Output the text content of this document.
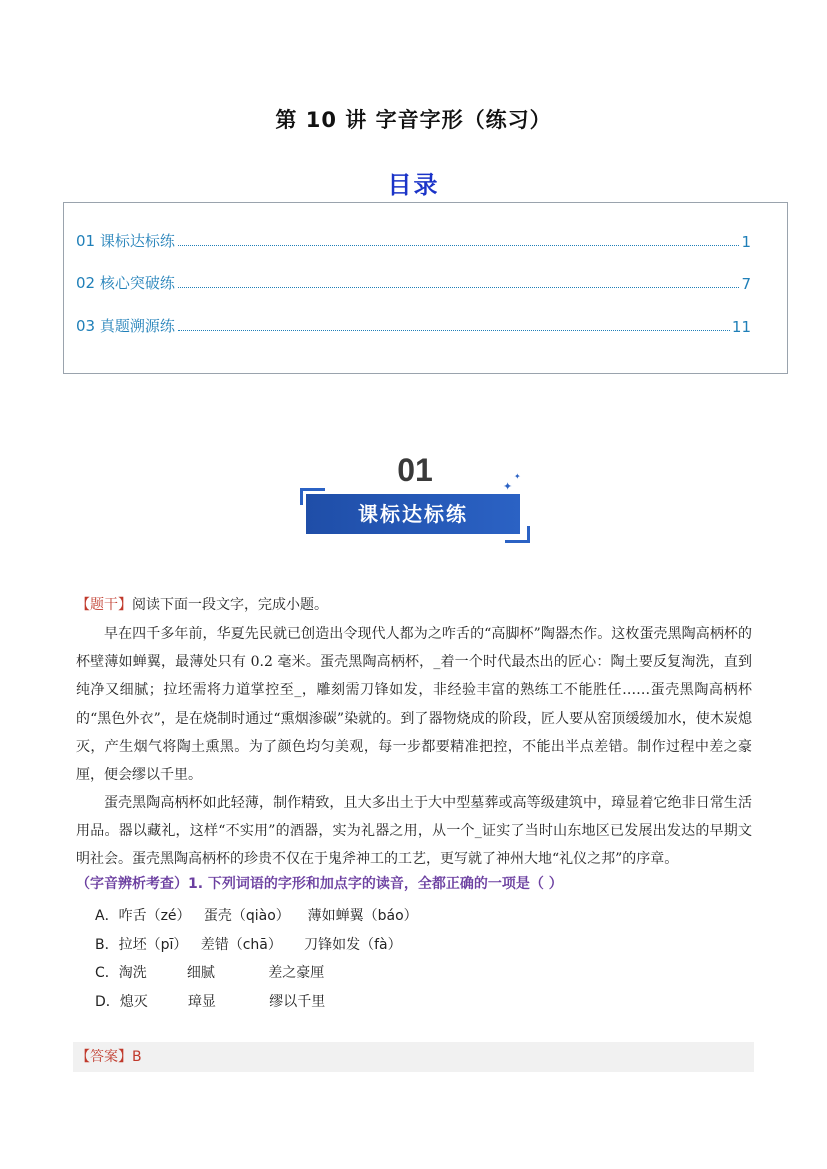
第 10 讲 字音字形（练习）
目录
01 课标达标练	1
02 核心突破练	7
03 真题溯源练	11
01
课标达标练
✦
✦
【题干】阅读下面一段文字，完成小题。

早在四千多年前，华夏先民就已创造出令现代人都为之咋舌的“高脚杯”陶器杰作。这枚蛋壳黑陶高柄杯的杯壁薄如蝉翼，最薄处只有 0.2 毫米。蛋壳黑陶高柄杯，_着一个时代最杰出的匠心：陶土要反复淘洗，直到纯净又细腻；拉坯需将力道掌控至_，雕刻需刀锋如发，非经验丰富的熟练工不能胜任……蛋壳黑陶高柄杯的“黑色外衣”，是在烧制时通过“熏烟渗碳”染就的。到了器物烧成的阶段，匠人要从窑顶缓缓加水，使木炭熄灭，产生烟气将陶土熏黑。为了颜色均匀美观，每一步都要精准把控，不能出半点差错。制作过程中差之豪厘，便会缪以千里。

蛋壳黑陶高柄杯如此轻薄，制作精致，且大多出土于大中型墓葬或高等级建筑中，璋显着它绝非日常生活用品。器以藏礼，这样“不实用”的酒器，实为礼器之用，从一个_证实了当时山东地区已发展出发达的早期文明社会。蛋壳黑陶高柄杯的珍贵不仅在于鬼斧神工的工艺，更写就了神州大地“礼仪之邦”的序章。

（字音辨析考查）1. 下列词语的字形和加点字的读音，全都正确的一项是（ ）
A．咋舌（zé）   蛋壳（qiào）    薄如蝉翼（báo）
B．拉坯（pī）   差错（chā）     刀锋如发（fà）
C．淘洗         细腻            差之豪厘
D．熄灭         璋显            缪以千里
【答案】B
